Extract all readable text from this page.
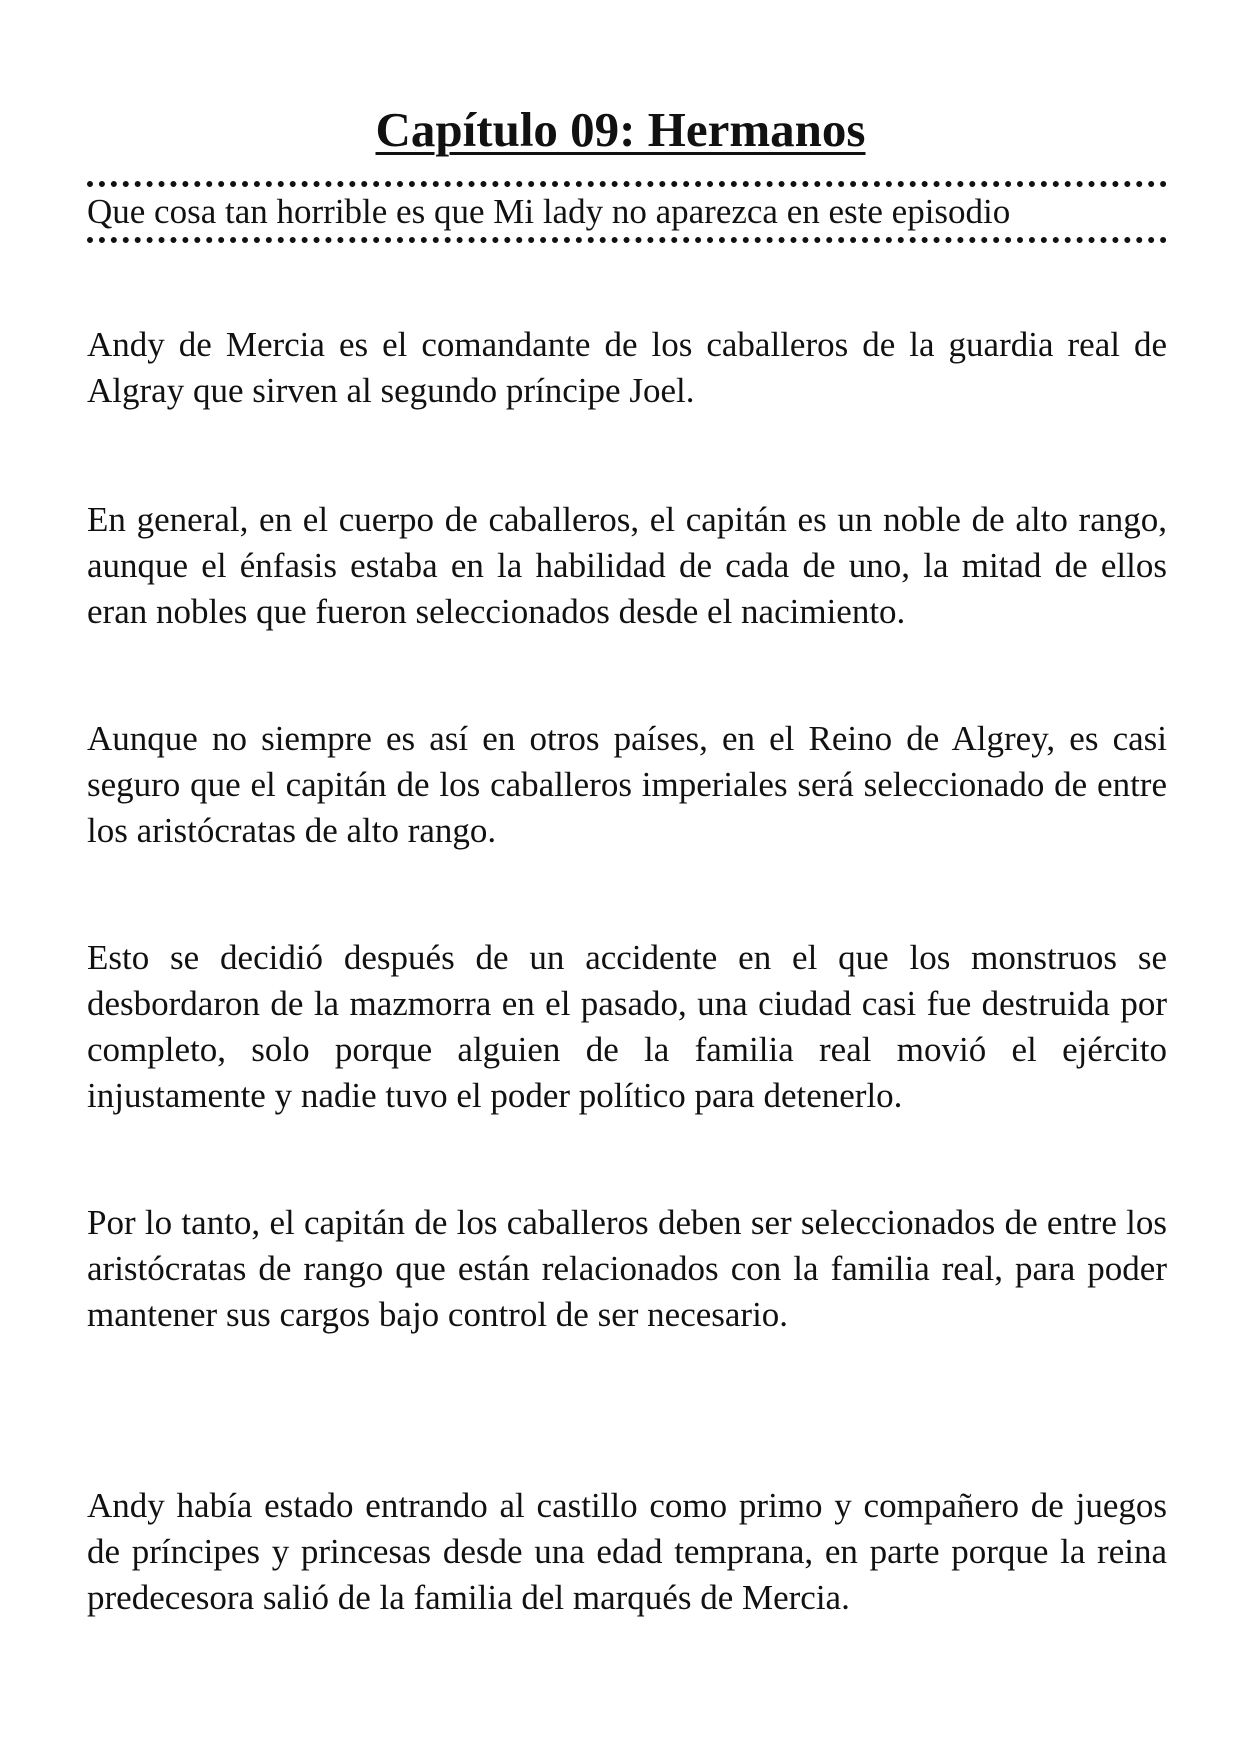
Capítulo 09: Hermanos

Que cosa tan horrible es que Mi lady no aparezca en este episodio

Andy de Mercia es el comandante de los caballeros de la guardia real de Algray que sirven al segundo príncipe Joel.

En general, en el cuerpo de caballeros, el capitán es un noble de alto rango, aunque el énfasis estaba en la habilidad de cada de uno, la mitad de ellos eran nobles que fueron seleccionados desde el nacimiento.

Aunque no siempre es así en otros países, en el Reino de Algrey, es casi seguro que el capitán de los caballeros imperiales será seleccionado de entre los aristócratas de alto rango.

Esto se decidió después de un accidente en el que los monstruos se desbordaron de la mazmorra en el pasado, una ciudad casi fue destruida por completo, solo porque alguien de la familia real movió el ejército injustamente y nadie tuvo el poder político para detenerlo.

Por lo tanto, el capitán de los caballeros deben ser seleccionados de entre los aristócratas de rango que están relacionados con la familia real, para poder mantener sus cargos bajo control de ser necesario.

Andy había estado entrando al castillo como primo y compañero de juegos de príncipes y princesas desde una edad temprana, en parte porque la reina predecesora salió de la familia del marqués de Mercia.
